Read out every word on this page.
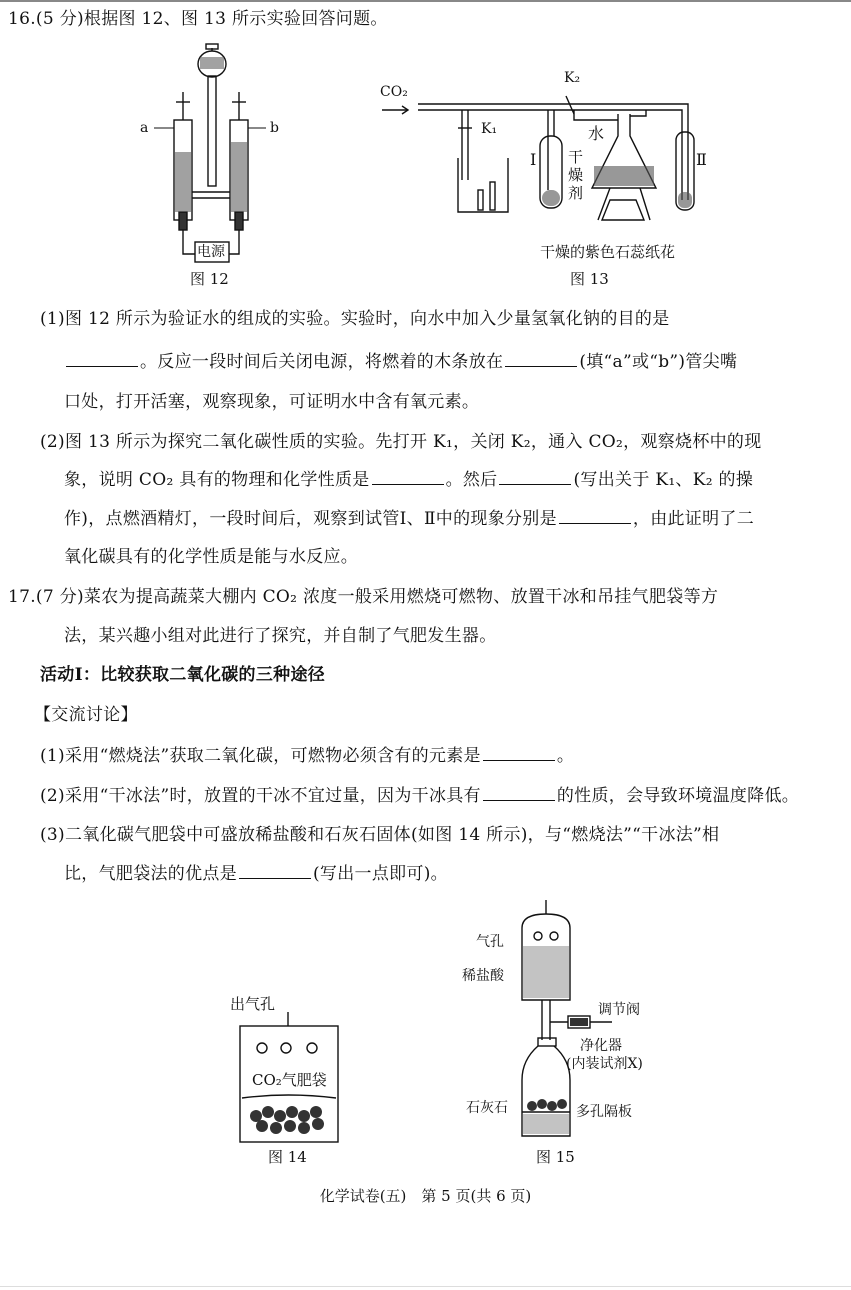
16.(5 分)根据图 12、图 13 所示实验回答问题。
a	b
电源
图 12
CO₂
K₁
K₂
Ⅰ	Ⅱ
水
干燥剂
干燥的紫色石蕊纸花
图 13
(1)图 12 所示为验证水的组成的实验。实验时，向水中加入少量氢氧化钠的目的是
。反应一段时间后关闭电源，将燃着的木条放在	(填“a”或“b”)管尖嘴
口处，打开活塞，观察现象，可证明水中含有氧元素。
(2)图 13 所示为探究二氧化碳性质的实验。先打开 K₁，关闭 K₂，通入 CO₂，观察烧杯中的现
象，说明 CO₂ 具有的物理和化学性质是	。然后	(写出关于 K₁、K₂ 的操
作)，点燃酒精灯，一段时间后，观察到试管Ⅰ、Ⅱ中的现象分别是	，由此证明了二
氧化碳具有的化学性质是能与水反应。
17.(7 分)菜农为提高蔬菜大棚内 CO₂ 浓度一般采用燃烧可燃物、放置干冰和吊挂气肥袋等方
法，某兴趣小组对此进行了探究，并自制了气肥发生器。
活动Ⅰ：比较获取二氧化碳的三种途径
【交流讨论】
(1)采用“燃烧法”获取二氧化碳，可燃物必须含有的元素是	。
(2)采用“干冰法”时，放置的干冰不宜过量，因为干冰具有	的性质，会导致环境温度降低。
(3)二氧化碳气肥袋中可盛放稀盐酸和石灰石固体(如图 14 所示)，与“燃烧法”“干冰法”相
比，气肥袋法的优点是	(写出一点即可)。
出气孔
CO₂气肥袋
图 14
气孔
稀盐酸
调节阀
净化器
(内装试剂X)
石灰石	多孔隔板
图 15
化学试卷(五)　第 5 页(共 6 页)
